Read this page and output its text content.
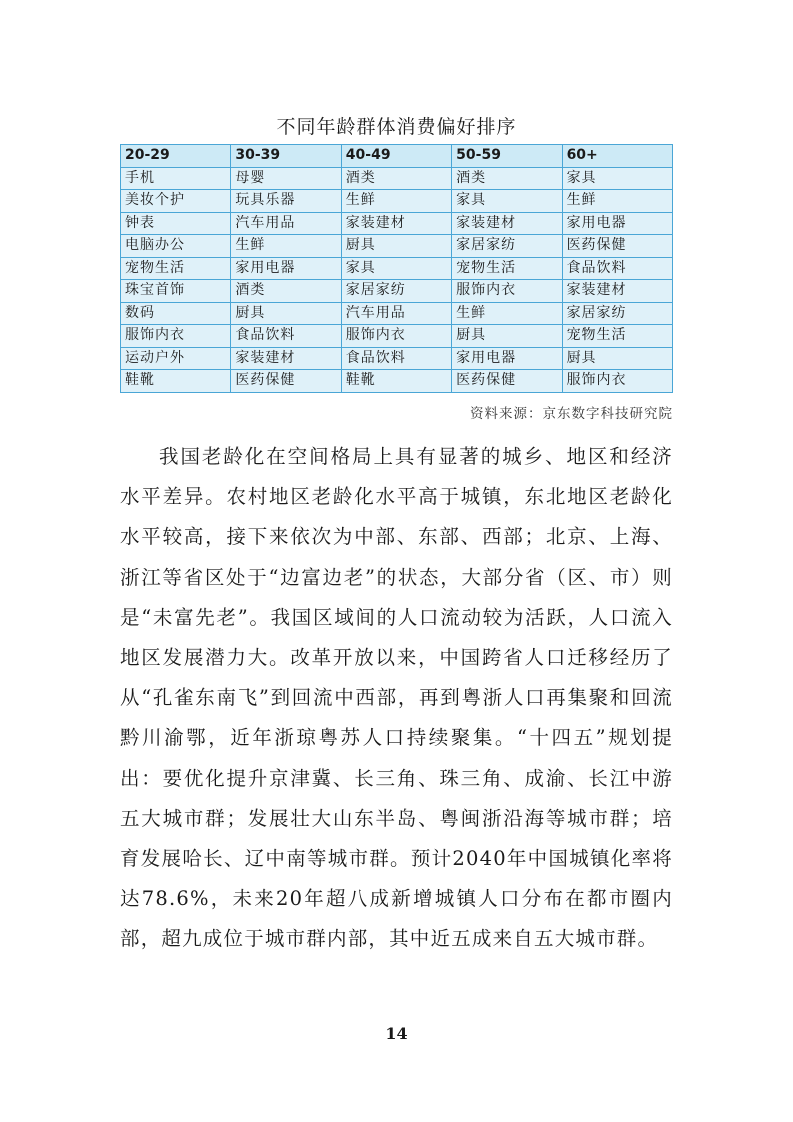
不同年龄群体消费偏好排序
20-29	30-39	40-49	50-59	60+
手机	母婴	酒类	酒类	家具
美妆个护	玩具乐器	生鲜	家具	生鲜
钟表	汽车用品	家装建材	家装建材	家用电器
电脑办公	生鲜	厨具	家居家纺	医药保健
宠物生活	家用电器	家具	宠物生活	食品饮料
珠宝首饰	酒类	家居家纺	服饰内衣	家装建材
数码	厨具	汽车用品	生鲜	家居家纺
服饰内衣	食品饮料	服饰内衣	厨具	宠物生活
运动户外	家装建材	食品饮料	家用电器	厨具
鞋靴	医药保健	鞋靴	医药保健	服饰内衣
资料来源：京东数字科技研究院

我国老龄化在空间格局上具有显著的城乡、地区和经济水平差异。农村地区老龄化水平高于城镇，东北地区老龄化水平较高，接下来依次为中部、东部、西部；北京、上海、浙江等省区处于“边富边老”的状态，大部分省（区、市）则是“未富先老”。我国区域间的人口流动较为活跃，人口流入地区发展潜力大。改革开放以来，中国跨省人口迁移经历了从“孔雀东南飞”到回流中西部，再到粤浙人口再集聚和回流黔川渝鄂，近年浙琼粤苏人口持续聚集。“十四五”规划提出：要优化提升京津冀、长三角、珠三角、成渝、长江中游五大城市群；发展壮大山东半岛、粤闽浙沿海等城市群；培育发展哈长、辽中南等城市群。预计2040年中国城镇化率将达78.6%，未来20年超八成新增城镇人口分布在都市圈内部，超九成位于城市群内部，其中近五成来自五大城市群。

14
